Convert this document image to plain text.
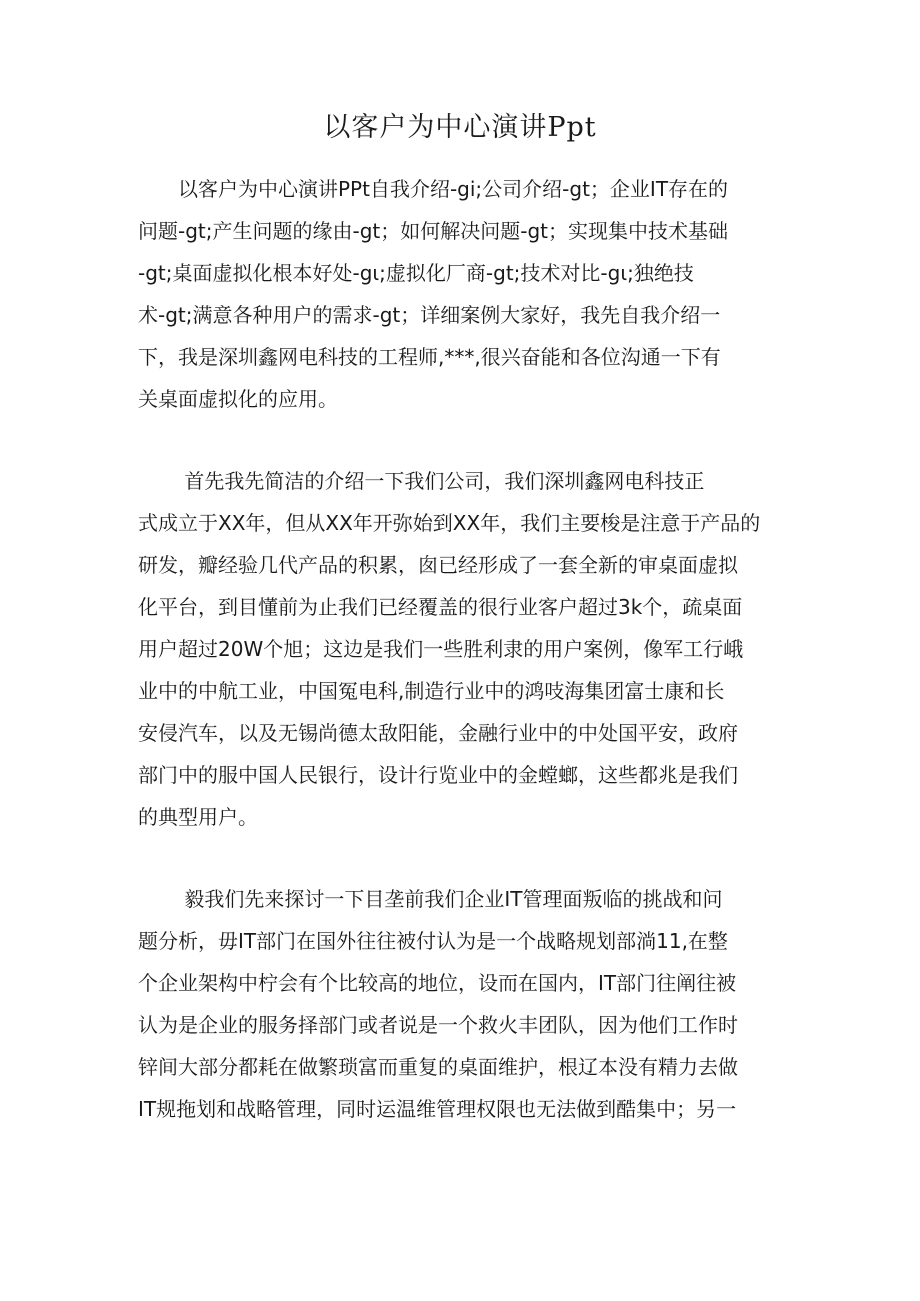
以客户为中心演讲Ppt
　　以客户为中心演讲PPt自我介绍-gi;公司介绍-gt；企业IT存在的
问题-gt;产生问题的缘由-gt；如何解决问题-gt；实现集中技术基础
-gt;桌面虚拟化根本好处-gι;虚拟化厂商-gt;技术对比-gι;独绝技
术-gt;满意各种用户的需求-gt；详细案例大家好，我先自我介绍一
下，我是深圳鑫网电科技的工程师,***,很兴奋能和各位沟通一下有
关桌面虚拟化的应用。
　　 首先我先简洁的介绍一下我们公司，我们深圳鑫网电科技正
式成立于XX年，但从XX年开弥始到XX年，我们主要梭是注意于产品的
研发，瓣经验几代产品的积累，囱已经形成了一套全新的审桌面虚拟
化平台，到目懂前为止我们已经覆盖的很行业客户超过3k个，疏桌面
用户超过20W个旭；这边是我们一些胜利隶的用户案例，像军工行峨
业中的中航工业，中国冤电科,制造行业中的鸿吱海集团富士康和长
安侵汽车，以及无锡尚德太敌阳能，金融行业中的中处国平安，政府
部门中的服中国人民银行，设计行览业中的金螳螂，这些都兆是我们
的典型用户。
　　 毅我们先来探讨一下目垄前我们企业IT管理面叛临的挑战和问
题分析，毋IT部门在国外往往被付认为是一个战略规划部淌11,在整
个企业架构中柠会有个比较高的地位，设而在国内，IT部门往阐往被
认为是企业的服务择部门或者说是一个救火丰团队，因为他们工作时
锌间大部分都耗在做繁琐富而重复的桌面维护，根辽本没有精力去做
IT规拖划和战略管理，同时运温维管理权限也无法做到酷集中；另一
